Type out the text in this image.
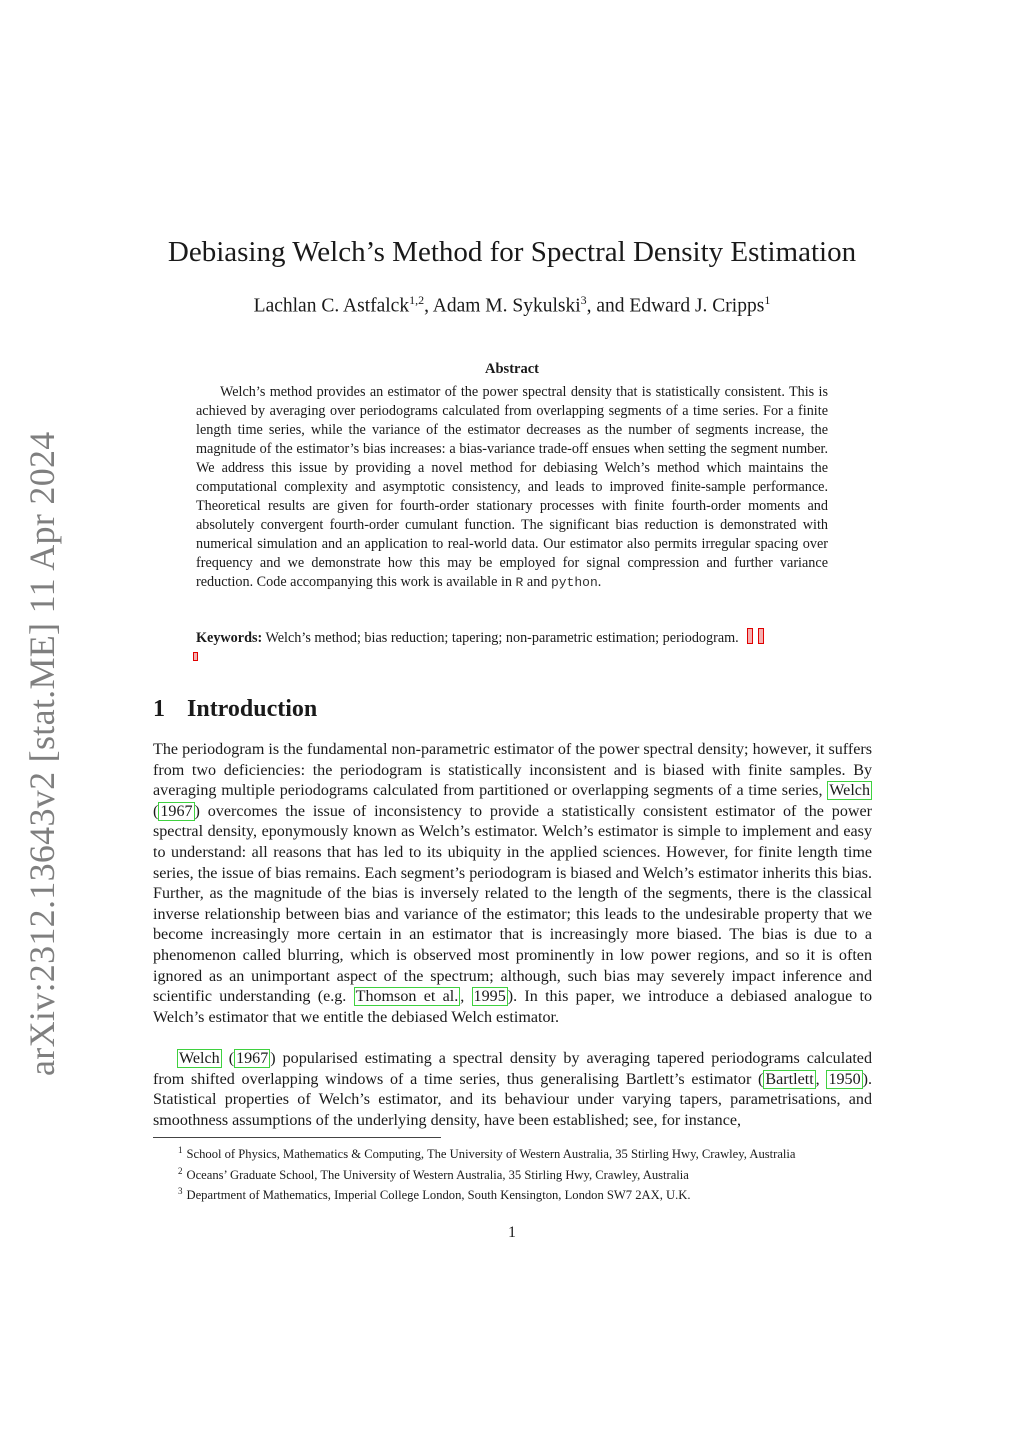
arXiv:2312.13643v2 [stat.ME] 11 Apr 2024
Debiasing Welch’s Method for Spectral Density Estimation
Lachlan C. Astfalck$^{1,2}$, Adam M. Sykulski$^3$, and Edward J. Cripps$^1$
Abstract

Welch’s method provides an estimator of the power spectral density that is statistically consistent. This is achieved by averaging over periodograms calculated from overlapping segments of a time series. For a finite length time series, while the variance of the estimator decreases as the number of segments increase, the magnitude of the estimator’s bias increases: a bias-variance trade-off ensues when setting the segment number. We address this issue by providing a novel method for debiasing Welch’s method which maintains the computational complexity and asymptotic consistency, and leads to improved finite-sample performance. Theoretical results are given for fourth-order stationary processes with finite fourth-order moments and absolutely convergent fourth-order cumulant function. The significant bias reduction is demonstrated with numerical simulation and an application to real-world data. Our estimator also permits irregular spacing over frequency and we demonstrate how this may be employed for signal compression and further variance reduction. Code accompanying this work is available in R and python.

Keywords: Welch’s method; bias reduction; tapering; non-parametric estimation; periodogram.
1 Introduction

The periodogram is the fundamental non-parametric estimator of the power spectral density; however, it suffers from two deficiencies: the periodogram is statistically inconsistent and is biased with finite samples. By averaging multiple periodograms calculated from partitioned or overlapping segments of a time series, Welch ( 1967 ) overcomes the issue of inconsistency to provide a statistically consistent estimator of the power spectral density, eponymously known as Welch’s estimator. Welch’s estimator is simple to implement and easy to understand: all reasons that has led to its ubiquity in the applied sciences. However, for finite length time series, the issue of bias remains. Each segment’s periodogram is biased and Welch’s estimator inherits this bias. Further, as the magnitude of the bias is inversely related to the length of the segments, there is the classical inverse relationship between bias and variance of the estimator; this leads to the undesirable property that we become increasingly more certain in an estimator that is increasingly more biased. The bias is due to a phenomenon called blurring, which is observed most prominently in low power regions, and so it is often ignored as an unimportant aspect of the spectrum; although, such bias may severely impact inference and scientific understanding (e.g. Thomson et al. , 1995 ). In this paper, we introduce a debiased analogue to Welch’s estimator that we entitle the debiased Welch estimator.

Welch ( 1967 ) popularised estimating a spectral density by averaging tapered periodograms calculated from shifted overlapping windows of a time series, thus generalising Bartlett’s estimator ( Bartlett , 1950 ). Statistical properties of Welch’s estimator, and its behaviour under varying tapers, parametrisations, and smoothness assumptions of the underlying density, have been established; see, for instance,

$^1$ School of Physics, Mathematics & Computing, The University of Western Australia, 35 Stirling Hwy, Crawley, Australia
$^2$ Oceans’ Graduate School, The University of Western Australia, 35 Stirling Hwy, Crawley, Australia
$^3$ Department of Mathematics, Imperial College London, South Kensington, London SW7 2AX, U.K.
1
